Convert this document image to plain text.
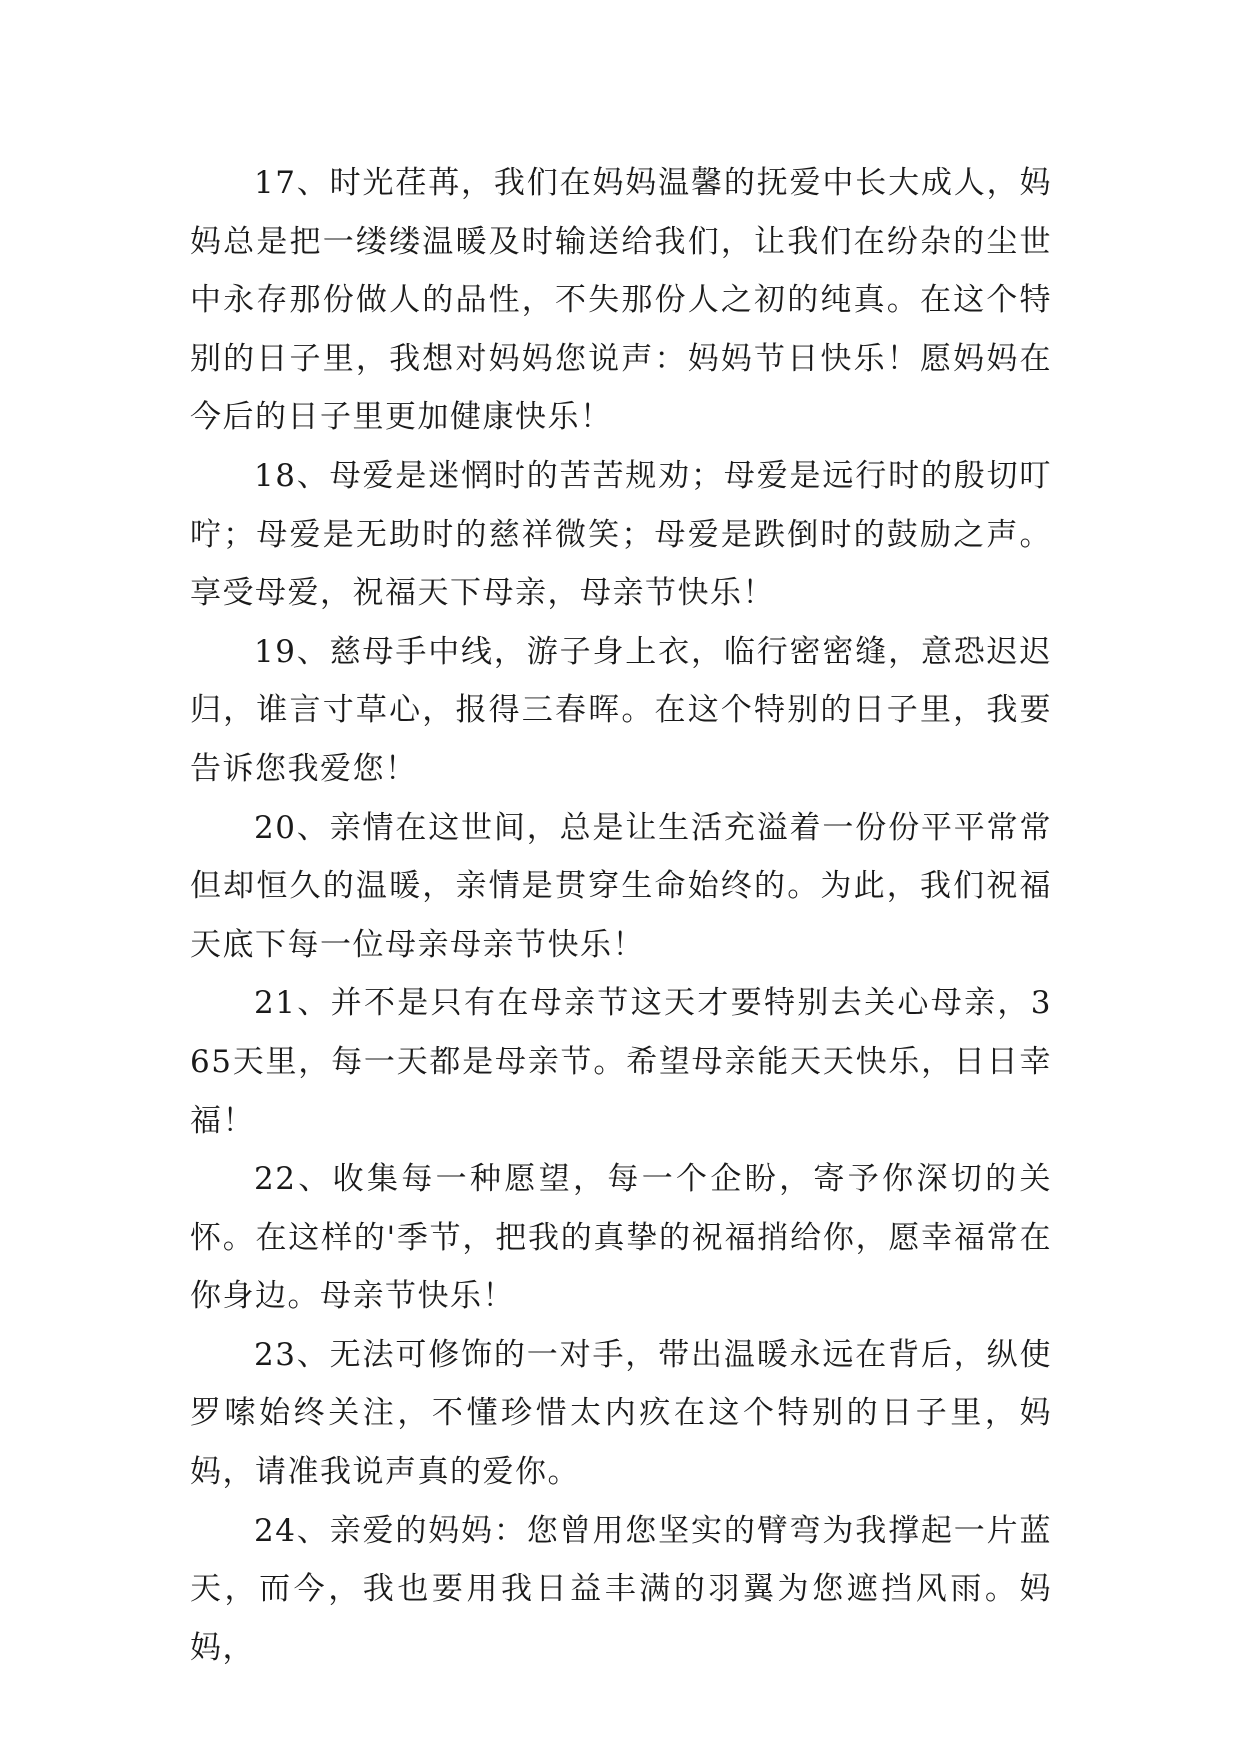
17、时光荏苒，我们在妈妈温馨的抚爱中长大成人，妈妈总是把一缕缕温暖及时输送给我们，让我们在纷杂的尘世中永存那份做人的品性，不失那份人之初的纯真。在这个特别的日子里，我想对妈妈您说声：妈妈节日快乐！愿妈妈在今后的日子里更加健康快乐！

18、母爱是迷惘时的苦苦规劝；母爱是远行时的殷切叮咛；母爱是无助时的慈祥微笑；母爱是跌倒时的鼓励之声。享受母爱，祝福天下母亲，母亲节快乐！

19、慈母手中线，游子身上衣，临行密密缝，意恐迟迟归，谁言寸草心，报得三春晖。在这个特别的日子里，我要告诉您我爱您！

20、亲情在这世间，总是让生活充溢着一份份平平常常但却恒久的温暖，亲情是贯穿生命始终的。为此，我们祝福天底下每一位母亲母亲节快乐！

21、并不是只有在母亲节这天才要特别去关心母亲，365天里，每一天都是母亲节。希望母亲能天天快乐，日日幸福！

22、收集每一种愿望，每一个企盼，寄予你深切的关怀。在这样的'季节，把我的真挚的祝福捎给你，愿幸福常在你身边。母亲节快乐！

23、无法可修饰的一对手，带出温暖永远在背后，纵使罗嗦始终关注，不懂珍惜太内疚在这个特别的日子里，妈妈，请准我说声真的爱你。

24、亲爱的妈妈：您曾用您坚实的臂弯为我撑起一片蓝天，而今，我也要用我日益丰满的羽翼为您遮挡风雨。妈妈，
